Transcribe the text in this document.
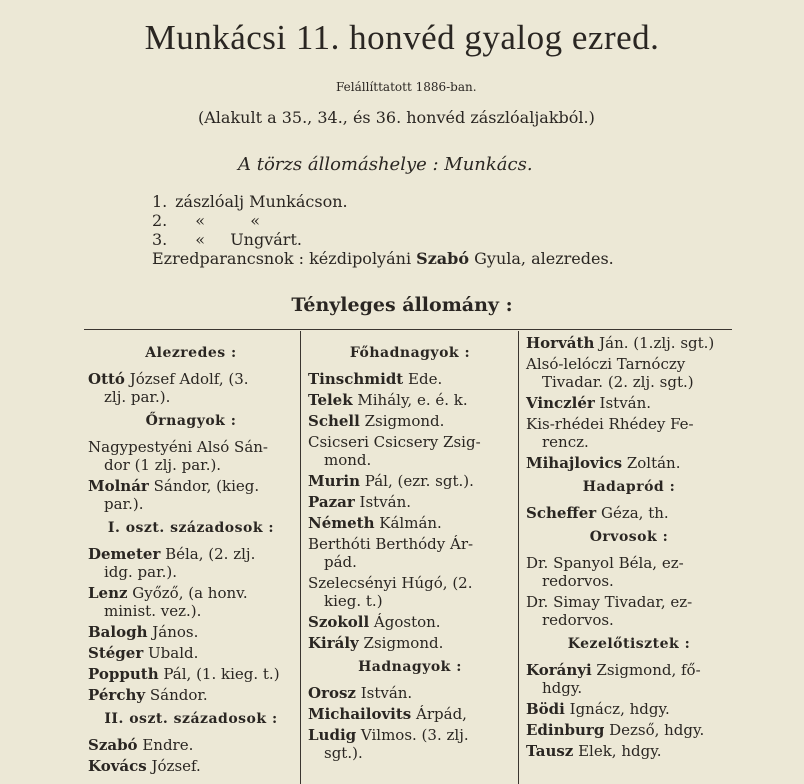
Munkácsi 11. honvéd gyalog ezred.
Felállíttatott 1886-ban.
(Alakult a 35., 34., és 36. honvéd zászlóaljakból.)
A törzs állomáshelye : Munkács.
1. zászlóalj Munkácson.
2. «	«
3. « Ungvárt.
Ezredparancsnok : kézdipolyáni Szabó Gyula, alezredes.
Tényleges állomány :
Alezredes :
Ottó József Adolf, (3.
zlj. par.).
Őrnagyok :
Nagypestyéni Alsó Sán-
dor (1 zlj. par.).
Molnár Sándor, (kieg.
par.).
I. oszt. századosok :
Demeter Béla, (2. zlj.
idg. par.).
Lenz Győző, (a honv.
minist. vez.).
Balogh János.
Stéger Ubald.
Popputh Pál, (1. kieg. t.)
Pérchy Sándor.
II. oszt. századosok :
Szabó Endre.
Kovács József.
Főhadnagyok :
Tinschmidt Ede.
Telek Mihály, e. é. k.
Schell Zsigmond.
Csicseri Csicsery Zsig-
mond.
Murin Pál, (ezr. sgt.).
Pazar István.
Németh Kálmán.
Berthóti Berthódy Ár-
pád.
Szelecsényi Húgó, (2.
kieg. t.)
Szokoll Ágoston.
Király Zsigmond.
Hadnagyok :
Orosz István.
Michailovits Árpád,
Ludig Vilmos. (3. zlj.
sgt.).
Horváth Ján. (1.zlj. sgt.)
Alsó-lelóczi Tarnóczy
Tivadar. (2. zlj. sgt.)
Vinczlér István.
Kis-rhédei Rhédey Fe-
rencz.
Mihajlovics Zoltán.
Hadapród :
Scheffer Géza, th.
Orvosok :
Dr. Spanyol Béla, ez-
redorvos.
Dr. Simay Tivadar, ez-
redorvos.
Kezelőtisztek :
Korányi Zsigmond, fő-
hdgy.
Bödi Ignácz, hdgy.
Edinburg Dezső, hdgy.
Tausz Elek, hdgy.
